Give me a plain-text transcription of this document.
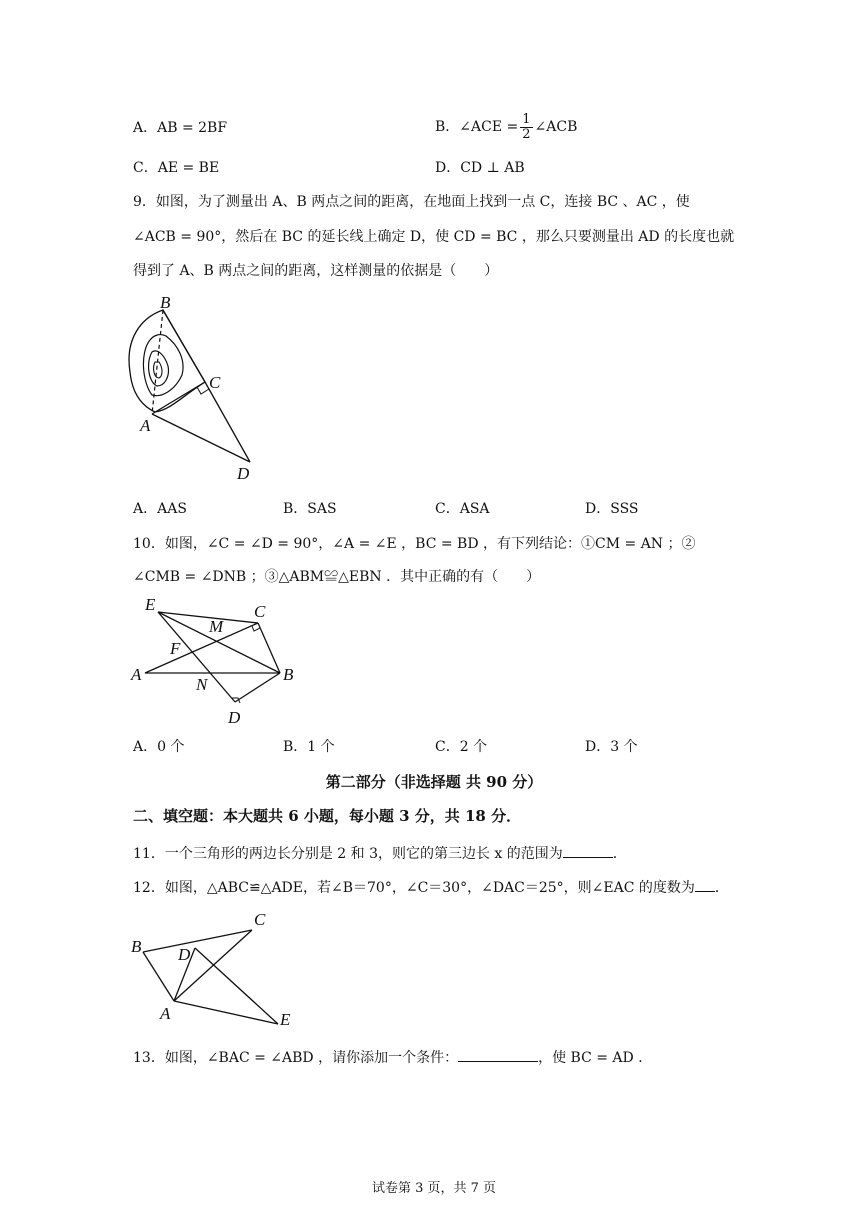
A．AB = 2BF	B．∠ACE = $\frac{1}{2}$ ∠ACB
C．AE = BE	D．CD ⊥ AB
9．如图，为了测量出 A、B 两点之间的距离，在地面上找到一点 C，连接 BC 、AC ，使
∠ACB = 90°，然后在 BC 的延长线上确定 D，使 CD = BC ，那么只要测量出 AD 的长度也就
得到了 A、B 两点之间的距离，这样测量的依据是（　　）
B
C
A
D
A．AAS	B．SAS	C．ASA	D．SSS
10．如图，∠C = ∠D = 90°，∠A = ∠E ，BC = BD ，有下列结论：①CM = AN ；②
∠CMB = ∠DNB ；③△ABM≌△EBN ．其中正确的有（　　）
E	C
M
F
A
N
B
D
A．0 个	B．1 个	C．2 个	D．3 个
第二部分（非选择题 共 90 分）
二、填空题：本大题共 6 小题，每小题 3 分，共 18 分．
11．一个三角形的两边长分别是 2 和 3，则它的第三边长 x 的范围为	．
12．如图，△ABC≌△ADE，若∠B＝70°，∠C＝30°，∠DAC＝25°，则∠EAC 的度数为 ．
C
B D
A	E
13．如图，∠BAC = ∠ABD ，请你添加一个条件：	，使 BC = AD ．
试卷第 3 页，共 7 页
